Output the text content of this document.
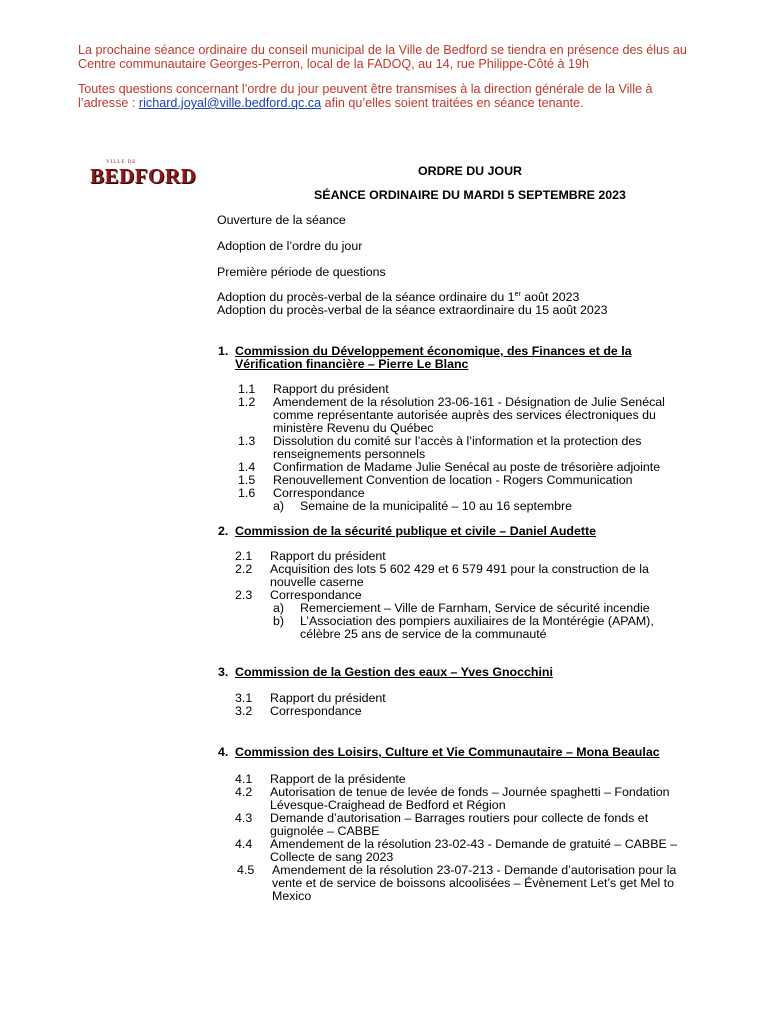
La prochaine séance ordinaire du conseil municipal de la Ville de Bedford se tiendra en présence des élus au
Centre communautaire Georges-Perron, local de la FADOQ, au 14, rue Philippe-Côté à 19h
Toutes questions concernant l’ordre du jour peuvent être transmises à la direction générale de la Ville à
l’adresse : richard.joyal@ville.bedford.qc.ca afin qu’elles soient traitées en séance tenante.
VILLE DE
BEDFORD	ORDRE DU JOUR
SÉANCE ORDINAIRE DU MARDI 5 SEPTEMBRE 2023
Ouverture de la séance
Adoption de l’ordre du jour
Première période de questions
Adoption du procès-verbal de la séance ordinaire du 1er août 2023
Adoption du procès-verbal de la séance extraordinaire du 15 août 2023
1. Commission du Développement économique, des Finances et de la
Vérification financière – Pierre Le Blanc
1.1 Rapport du président
1.2 Amendement de la résolution 23-06-161 - Désignation de Julie Senécal
comme représentante autorisée auprès des services électroniques du
ministère Revenu du Québec
1.3 Dissolution du comité sur l’accès à l’information et la protection des
renseignements personnels
1.4 Confirmation de Madame Julie Senécal au poste de trésorière adjointe
1.5 Renouvellement Convention de location - Rogers Communication
1.6 Correspondance
a) Semaine de la municipalité – 10 au 16 septembre
2. Commission de la sécurité publique et civile – Daniel Audette
2.1 Rapport du président
2.2 Acquisition des lots 5 602 429 et 6 579 491 pour la construction de la
nouvelle caserne
2.3 Correspondance
a) Remerciement – Ville de Farnham, Service de sécurité incendie
b) L’Association des pompiers auxiliaires de la Montérégie (APAM),
célèbre 25 ans de service de la communauté
3. Commission de la Gestion des eaux – Yves Gnocchini
3.1 Rapport du président
3.2 Correspondance
4. Commission des Loisirs, Culture et Vie Communautaire – Mona Beaulac
4.1 Rapport de la présidente
4.2 Autorisation de tenue de levée de fonds – Journée spaghetti – Fondation
Lévesque-Craighead de Bedford et Région
4.3 Demande d’autorisation – Barrages routiers pour collecte de fonds et
guignolée – CABBE
4.4 Amendement de la résolution 23-02-43 - Demande de gratuité – CABBE –
Collecte de sang 2023
4.5 Amendement de la résolution 23-07-213 - Demande d’autorisation pour la
vente et de service de boissons alcoolisées – Évènement Let’s get Mel to
Mexico
